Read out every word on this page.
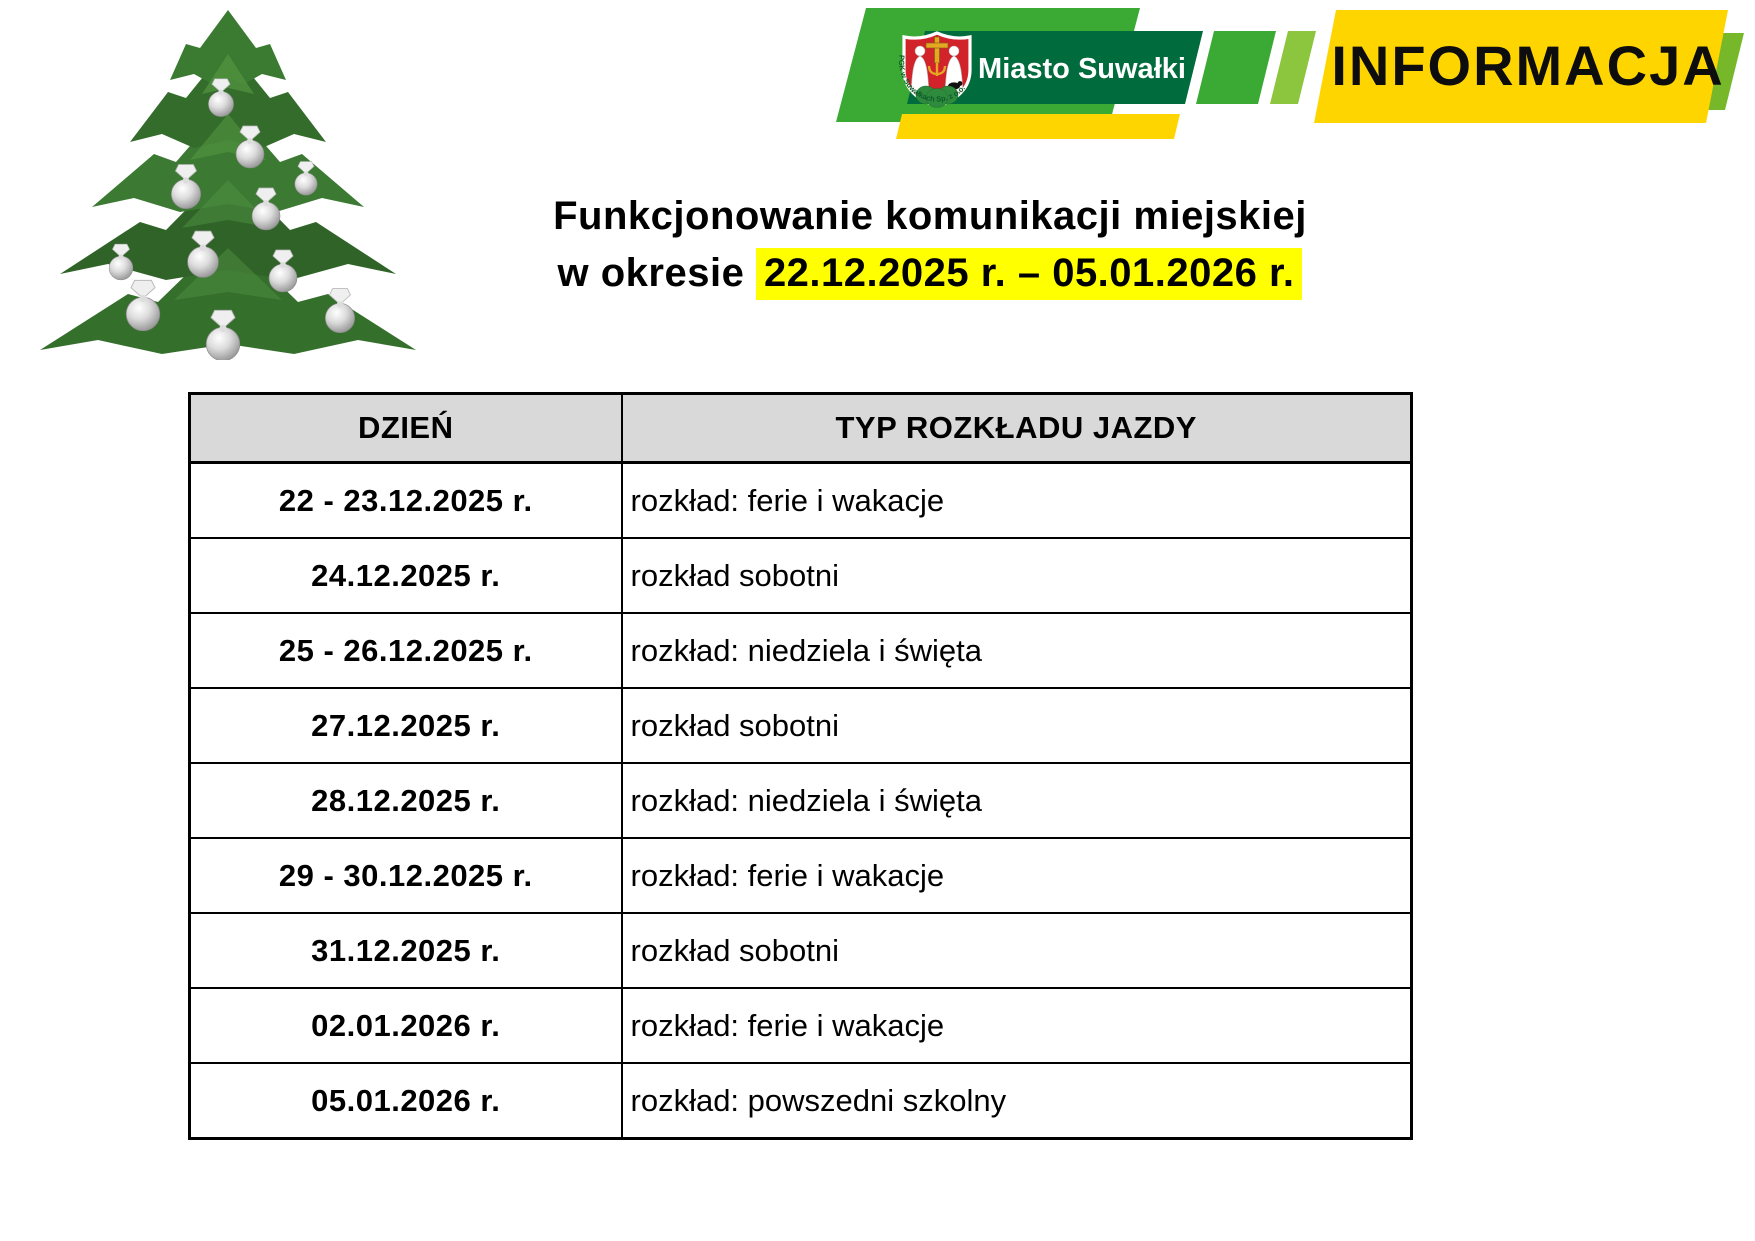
PGK w Suwałkach Sp. z o.o.
Miasto Suwałki	INFORMACJA
Funkcjonowanie komunikacji miejskiej
w okresie 22.12.2025 r. – 05.01.2026 r.
DZIEŃ	TYP ROZKŁADU JAZDY
22 - 23.12.2025 r.	rozkład: ferie i wakacje
24.12.2025 r.	rozkład sobotni
25 - 26.12.2025 r.	rozkład: niedziela i święta
27.12.2025 r.	rozkład sobotni
28.12.2025 r.	rozkład: niedziela i święta
29 - 30.12.2025 r.	rozkład: ferie i wakacje
31.12.2025 r.	rozkład sobotni
02.01.2026 r.	rozkład: ferie i wakacje
05.01.2026 r.	rozkład: powszedni szkolny
